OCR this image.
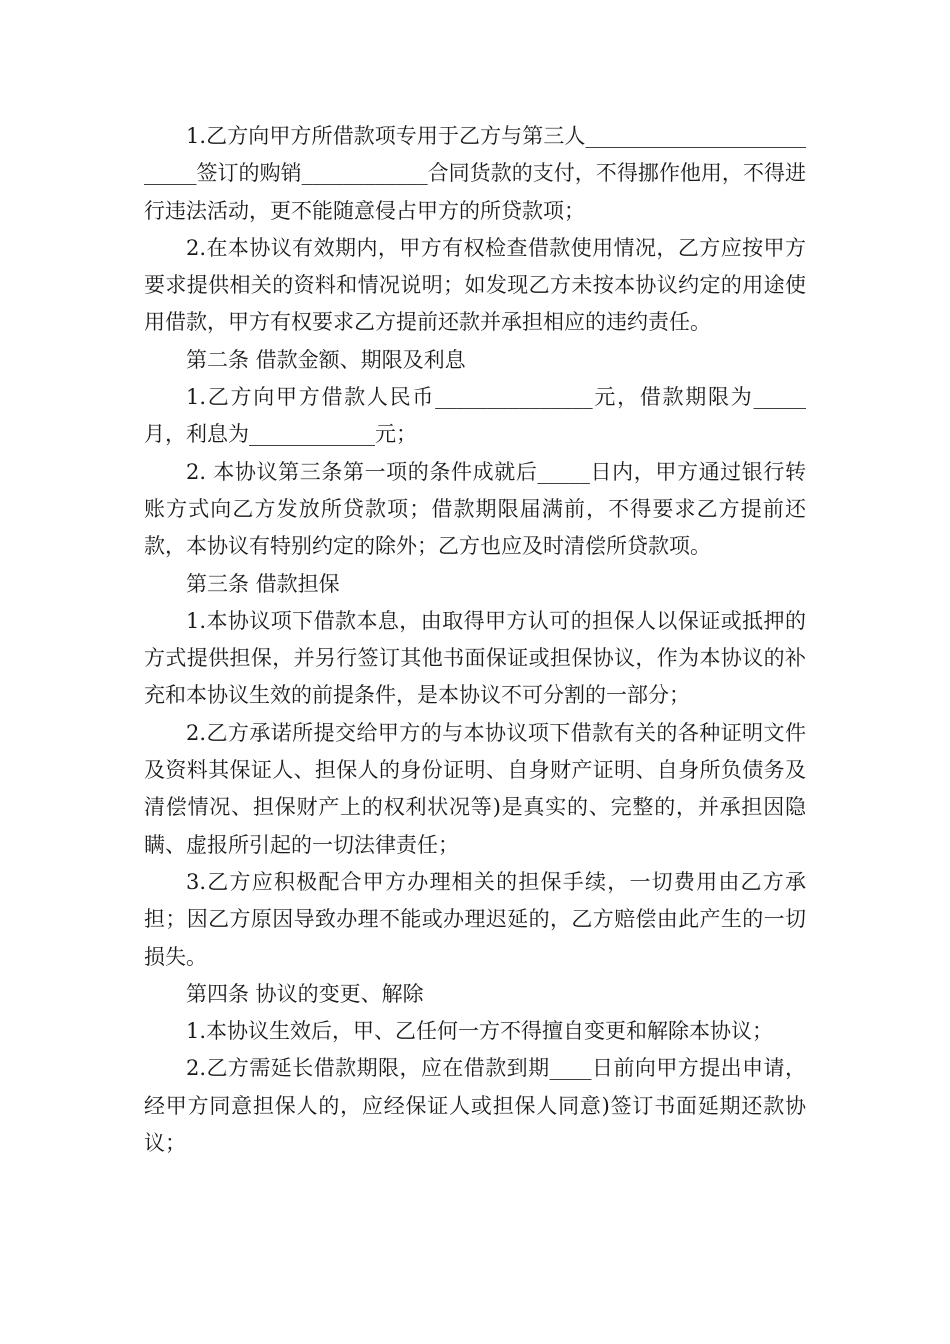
1.乙方向甲方所借款项专用于乙方与第三人__________________________签订的购销____________合同货款的支付，不得挪作他用，不得进行违法活动，更不能随意侵占甲方的所贷款项；

2.在本协议有效期内，甲方有权检查借款使用情况，乙方应按甲方要求提供相关的资料和情况说明；如发现乙方未按本协议约定的用途使用借款，甲方有权要求乙方提前还款并承担相应的违约责任。

第二条 借款金额、期限及利息

1.乙方向甲方借款人民币_______________元，借款期限为_____月，利息为____________元；

2. 本协议第三条第一项的条件成就后_____日内，甲方通过银行转账方式向乙方发放所贷款项；借款期限届满前，不得要求乙方提前还款，本协议有特别约定的除外；乙方也应及时清偿所贷款项。

第三条 借款担保

1.本协议项下借款本息，由取得甲方认可的担保人以保证或抵押的方式提供担保，并另行签订其他书面保证或担保协议，作为本协议的补充和本协议生效的前提条件，是本协议不可分割的一部分；

2.乙方承诺所提交给甲方的与本协议项下借款有关的各种证明文件及资料其保证人、担保人的身份证明、自身财产证明、自身所负债务及清偿情况、担保财产上的权利状况等)是真实的、完整的，并承担因隐瞒、虚报所引起的一切法律责任；

3.乙方应积极配合甲方办理相关的担保手续，一切费用由乙方承担；因乙方原因导致办理不能或办理迟延的，乙方赔偿由此产生的一切损失。

第四条 协议的变更、解除

1.本协议生效后，甲、乙任何一方不得擅自变更和解除本协议；

2.乙方需延长借款期限，应在借款到期____日前向甲方提出申请，经甲方同意担保人的，应经保证人或担保人同意)签订书面延期还款协议；
